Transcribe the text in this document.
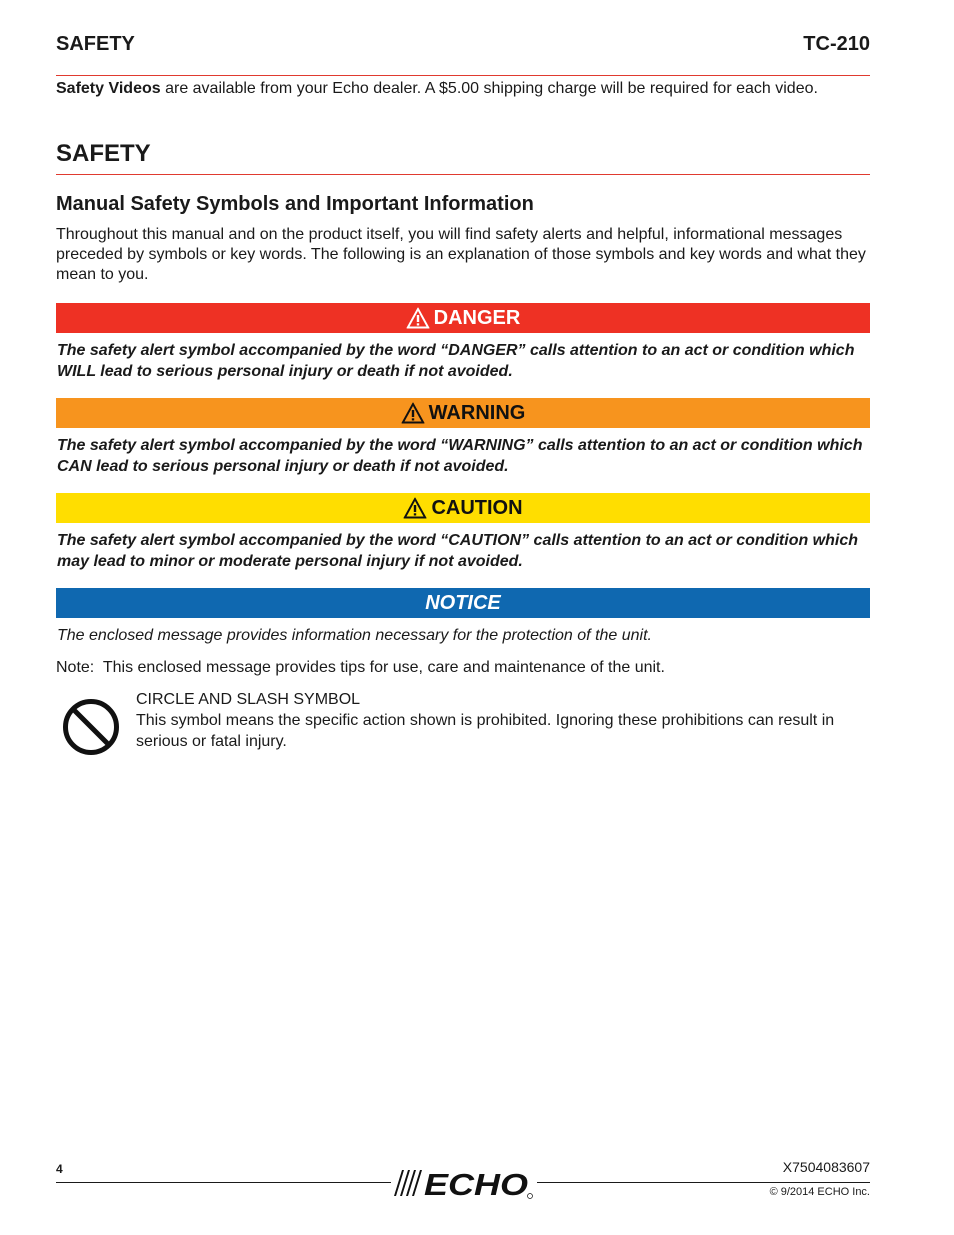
SAFETY	TC-210
Safety Videos are available from your Echo dealer. A $5.00 shipping charge will be required for each video.
SAFETY
Manual Safety Symbols and Important Information
Throughout this manual and on the product itself, you will find safety alerts and helpful, informational messages preceded by symbols or key words. The following is an explanation of those symbols and key words and what they mean to you.
DANGER
The safety alert symbol accompanied by the word “DANGER” calls attention to an act or condition which WILL lead to serious personal injury or death if not avoided.
WARNING
The safety alert symbol accompanied by the word “WARNING” calls attention to an act or condition which CAN lead to serious personal injury or death if not avoided.
CAUTION
The safety alert symbol accompanied by the word “CAUTION” calls attention to an act or condition which may lead to minor or moderate personal injury if not avoided.
NOTICE
The enclosed message provides information necessary for the protection of the unit.
Note:  This enclosed message provides tips for use, care and maintenance of the unit.
CIRCLE AND SLASH SYMBOL
This symbol means the specific action shown is prohibited. Ignoring these prohibitions can result in serious or fatal injury.
4	X7504083607
ECHO	© 9/2014 ECHO Inc.
